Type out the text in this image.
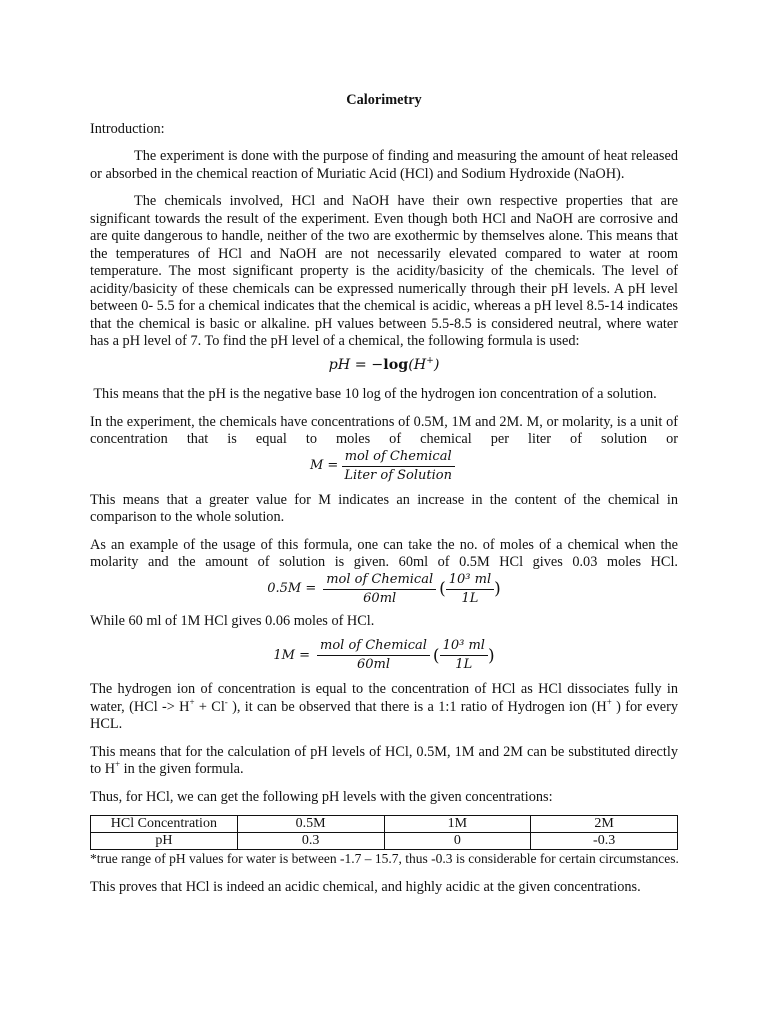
Calorimetry

Introduction:

The experiment is done with the purpose of finding and measuring the amount of heat released or absorbed in the chemical reaction of Muriatic Acid (HCl) and Sodium Hydroxide (NaOH).

The chemicals involved, HCl and NaOH have their own respective properties that are significant towards the result of the experiment. Even though both HCl and NaOH are corrosive and are quite dangerous to handle, neither of the two are exothermic by themselves alone. This means that the temperatures of HCl and NaOH are not necessarily elevated compared to water at room temperature. The most significant property is the acidity/basicity of the chemicals. The level of acidity/basicity of these chemicals can be expressed numerically through their pH levels. A pH level between 0- 5.5 for a chemical indicates that the chemical is acidic, whereas a pH level 8.5-14 indicates that the chemical is basic or alkaline. pH values between 5.5-8.5 is considered neutral, where water has a pH level of 7. To find the pH level of a chemical, the following formula is used:

pH = −log(H+)

This means that the pH is the negative base 10 log of the hydrogen ion concentration of a solution.

In the experiment, the chemicals have concentrations of 0.5M, 1M and 2M. M, or molarity, is a unit of concentration that is equal to moles of chemical per liter of solution or

$M = \frac{\text{mol of Chemical}}{\text{Liter of Solution}}$

This means that a greater value for M indicates an increase in the content of the chemical in comparison to the whole solution.

As an example of the usage of this formula, one can take the no. of moles of a chemical when the molarity and the amount of solution is given. 60ml of 0.5M HCl gives 0.03 moles HCl.

$0.5M = \frac{\text{mol of Chemical}}{60ml}$ ( $\frac{\text{10³ ml}}{1L}$ )

While 60 ml of 1M HCl gives 0.06 moles of HCl.

$1M = \frac{\text{mol of Chemical}}{60ml}$ ( $\frac{\text{10³ ml}}{1L}$ )

The hydrogen ion of concentration is equal to the concentration of HCl as HCl dissociates fully in water, (HCl -> H+ + Cl- ), it can be observed that there is a 1:1 ratio of Hydrogen ion (H+ ) for every HCL.

This means that for the calculation of pH levels of HCl, 0.5M, 1M and 2M can be substituted directly to H+ in the given formula.

Thus, for HCl, we can get the following pH levels with the given concentrations:

HCl Concentration	0.5M	1M	2M
pH	0.3	0	-0.3

*true range of pH values for water is between -1.7 – 15.7, thus -0.3 is considerable for certain circumstances.

This proves that HCl is indeed an acidic chemical, and highly acidic at the given concentrations.
